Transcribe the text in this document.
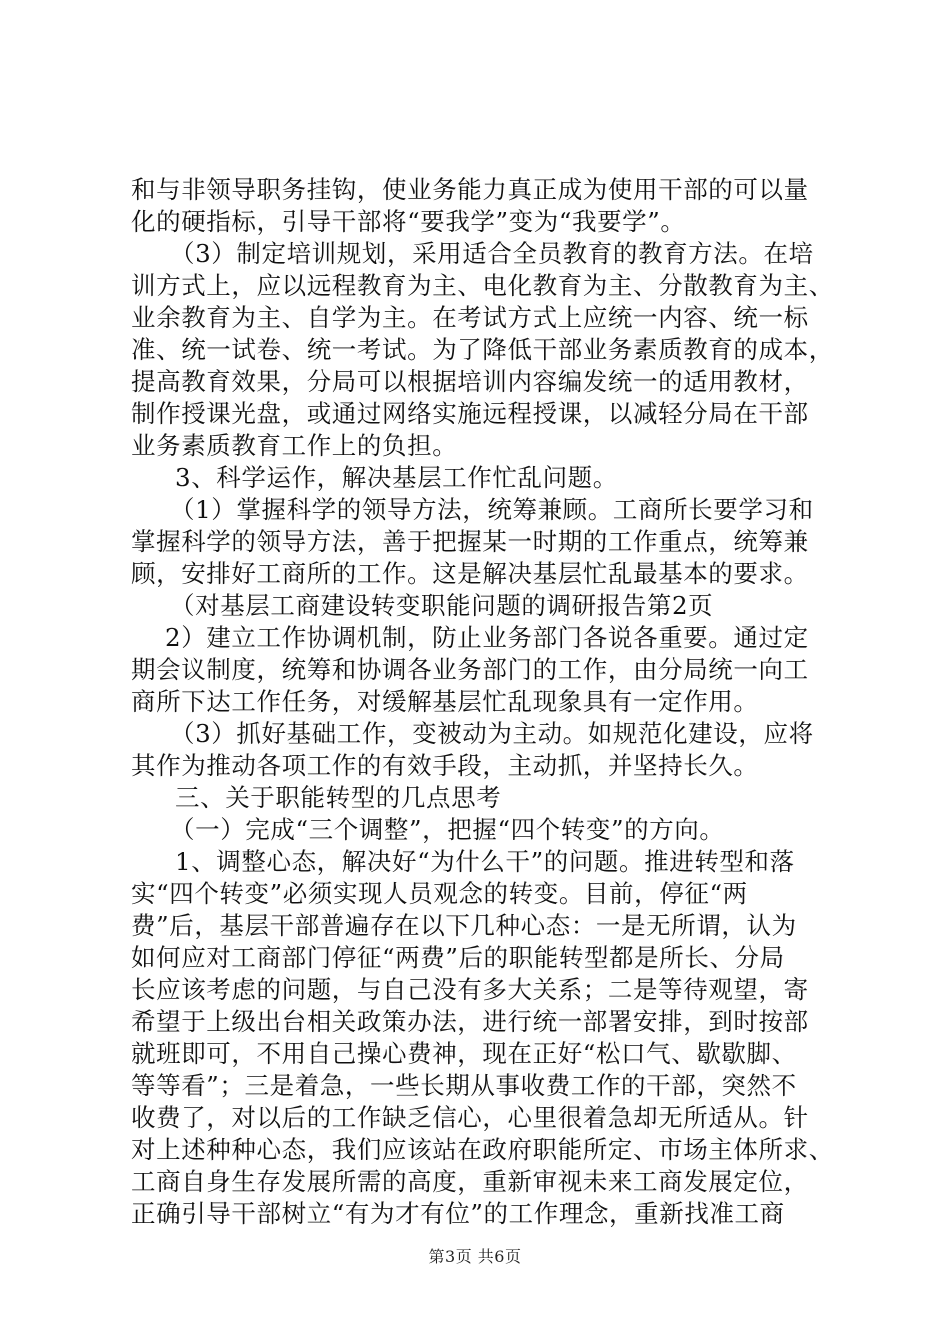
和与非领导职务挂钩，使业务能力真正成为使用干部的可以量
化的硬指标，引导干部将“要我学”变为“我要学”。
（3）制定培训规划，采用适合全员教育的教育方法。在培
训方式上，应以远程教育为主、电化教育为主、分散教育为主、
业余教育为主、自学为主。在考试方式上应统一内容、统一标
准、统一试卷、统一考试。为了降低干部业务素质教育的成本，
提高教育效果，分局可以根据培训内容编发统一的适用教材，
制作授课光盘，或通过网络实施远程授课，以减轻分局在干部
业务素质教育工作上的负担。
3、科学运作，解决基层工作忙乱问题。
（1）掌握科学的领导方法，统筹兼顾。工商所长要学习和
掌握科学的领导方法，善于把握某一时期的工作重点，统筹兼
顾，安排好工商所的工作。这是解决基层忙乱最基本的要求。
（对基层工商建设转变职能问题的调研报告第2页
2）建立工作协调机制，防止业务部门各说各重要。通过定
期会议制度，统筹和协调各业务部门的工作，由分局统一向工
商所下达工作任务，对缓解基层忙乱现象具有一定作用。
（3）抓好基础工作，变被动为主动。如规范化建设，应将
其作为推动各项工作的有效手段，主动抓，并坚持长久。
三、关于职能转型的几点思考
（一）完成“三个调整”，把握“四个转变”的方向。
1、调整心态，解决好“为什么干”的问题。推进转型和落
实“四个转变”必须实现人员观念的转变。目前，停征“两
费”后，基层干部普遍存在以下几种心态：一是无所谓，认为
如何应对工商部门停征“两费”后的职能转型都是所长、分局
长应该考虑的问题，与自己没有多大关系；二是等待观望，寄
希望于上级出台相关政策办法，进行统一部署安排，到时按部
就班即可，不用自己操心费神，现在正好“松口气、歇歇脚、
等等看”；三是着急，一些长期从事收费工作的干部，突然不
收费了，对以后的工作缺乏信心，心里很着急却无所适从。针
对上述种种心态，我们应该站在政府职能所定、市场主体所求、
工商自身生存发展所需的高度，重新审视未来工商发展定位，
正确引导干部树立“有为才有位”的工作理念，重新找准工商
第3页 共6页
